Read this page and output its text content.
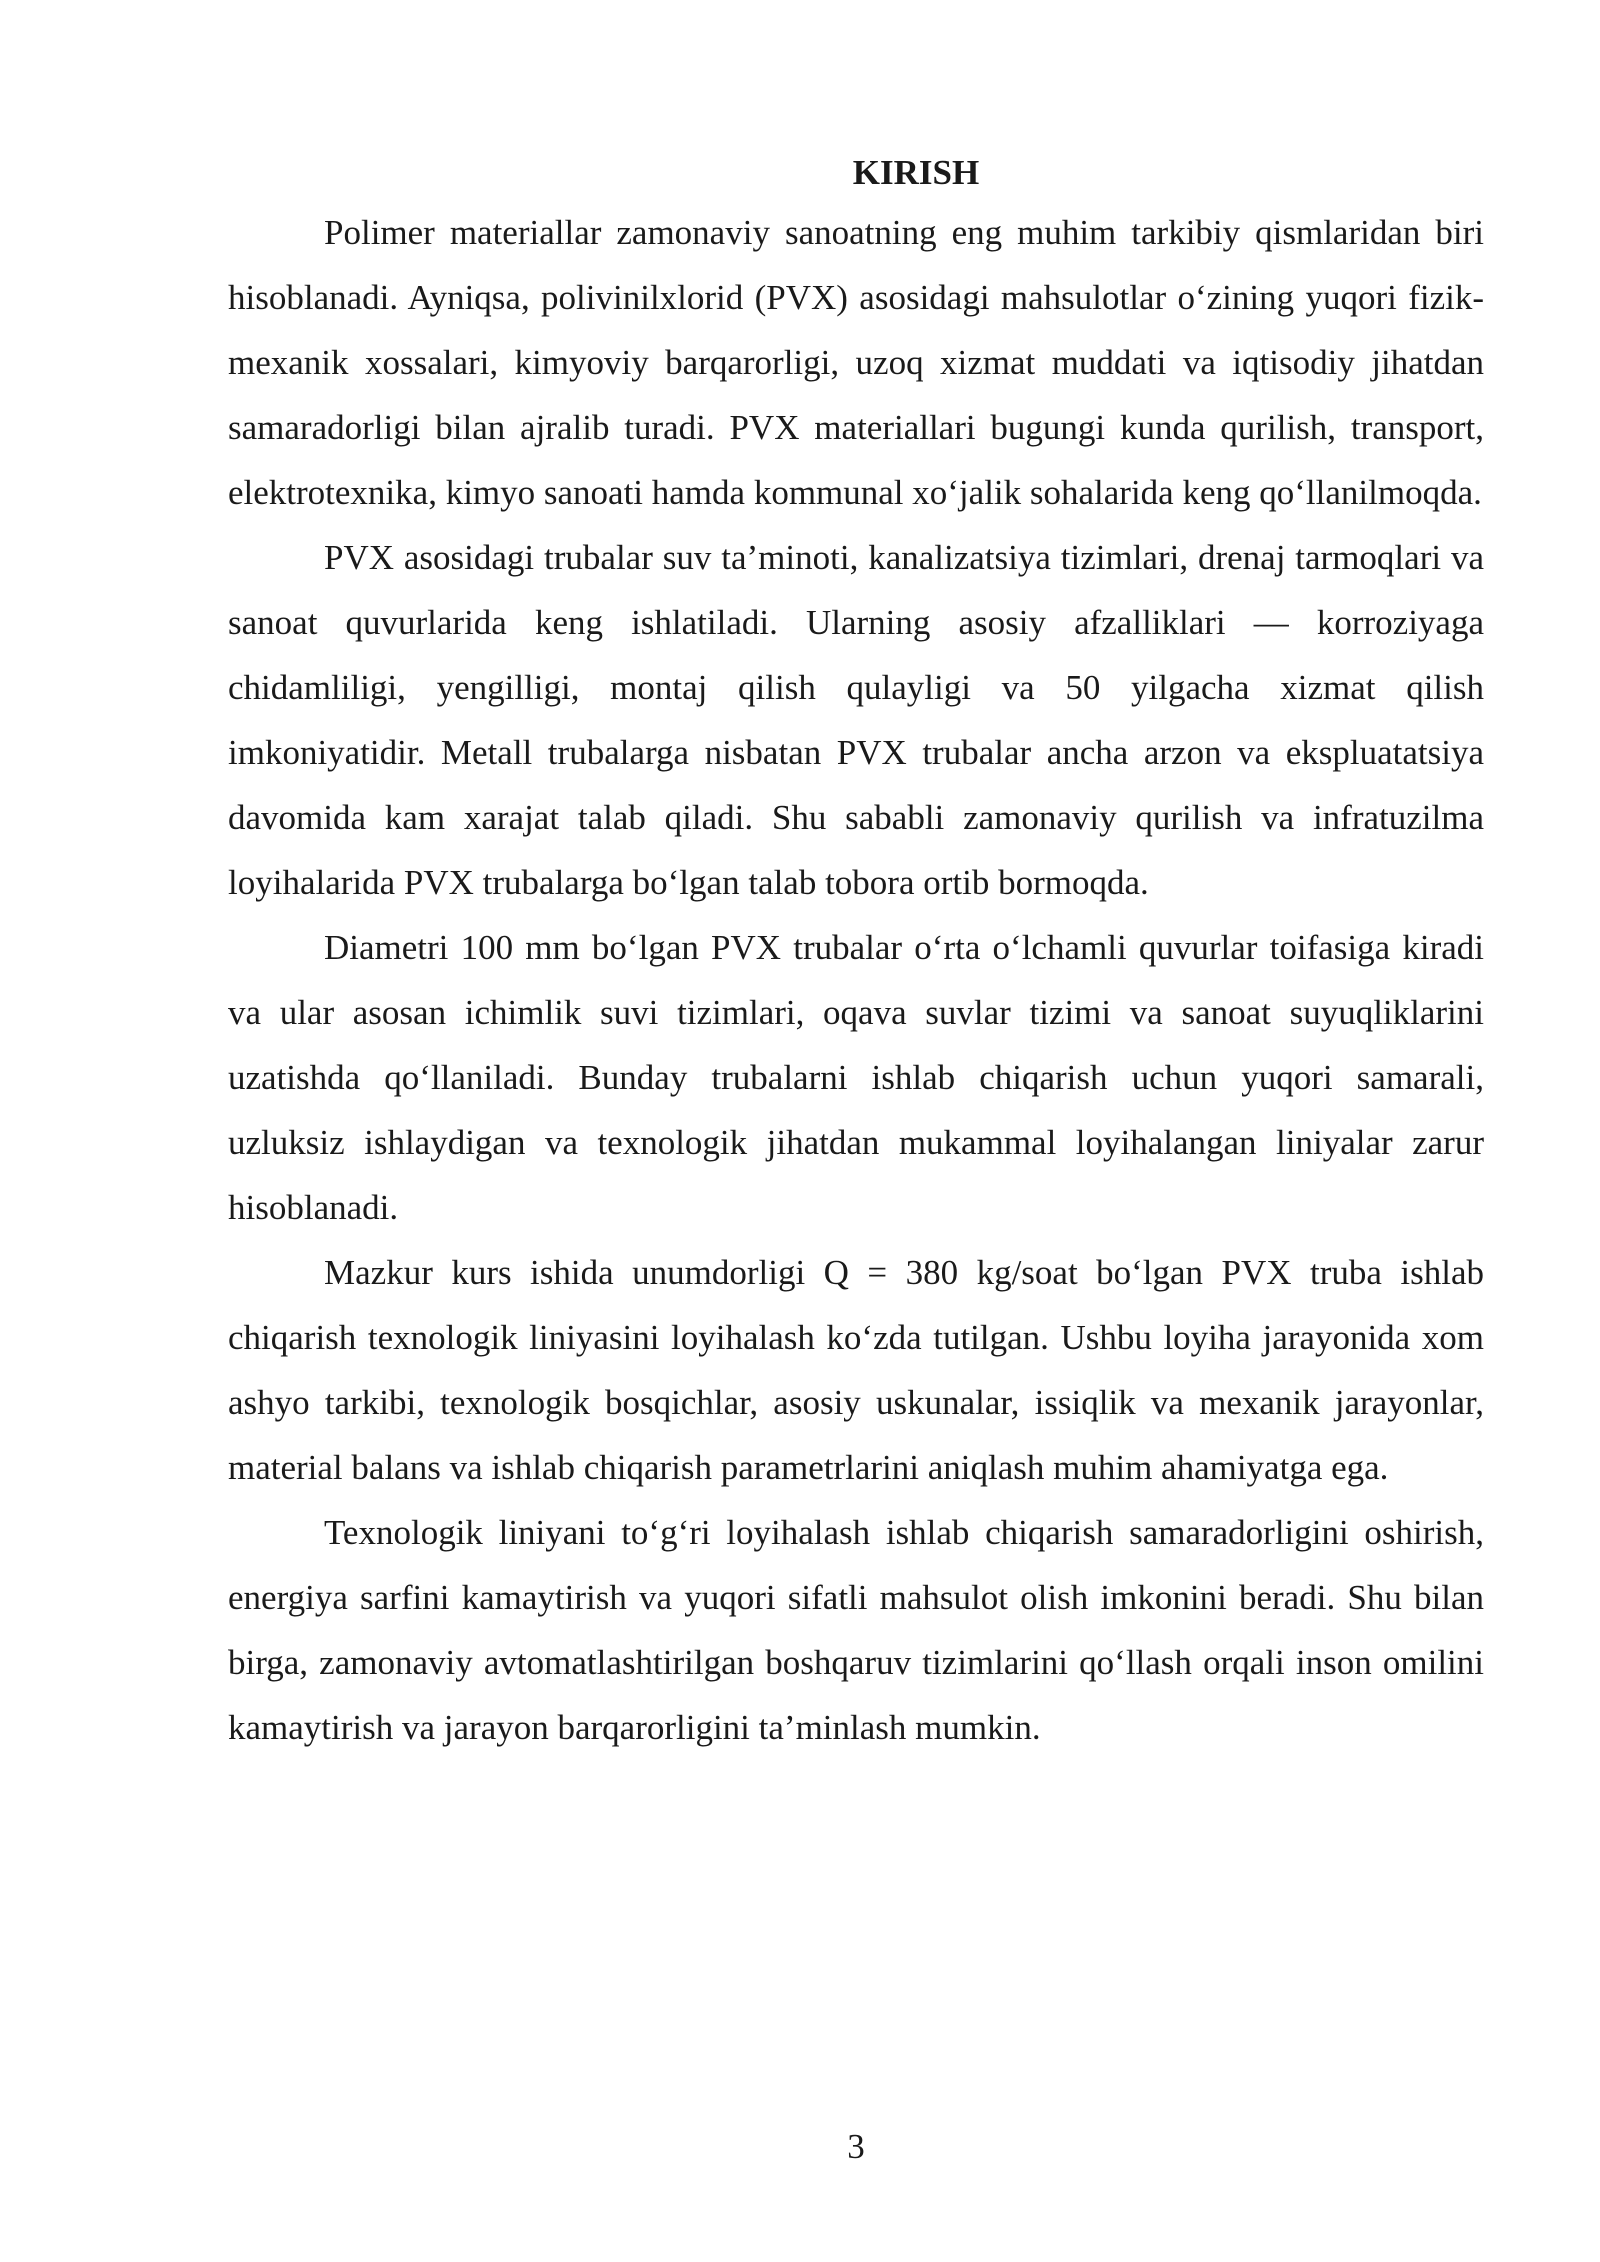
KIRISH

Polimer materiallar zamonaviy sanoatning eng muhim tarkibiy qismlaridan biri hisoblanadi. Ayniqsa, polivinilxlorid (PVX) asosidagi mahsulotlar o‘zining yuqori fizik-mexanik xossalari, kimyoviy barqarorligi, uzoq xizmat muddati va iqtisodiy jihatdan samaradorligi bilan ajralib turadi. PVX materiallari bugungi kunda qurilish, transport, elektrotexnika, kimyo sanoati hamda kommunal xo‘jalik sohalarida keng qo‘llanilmoqda.

PVX asosidagi trubalar suv ta’minoti, kanalizatsiya tizimlari, drenaj tarmoqlari va sanoat quvurlarida keng ishlatiladi. Ularning asosiy afzalliklari — korroziyaga chidamliligi, yengilligi, montaj qilish qulayligi va 50 yilgacha xizmat qilish imkoniyatidir. Metall trubalarga nisbatan PVX trubalar ancha arzon va ekspluatatsiya davomida kam xarajat talab qiladi. Shu sababli zamonaviy qurilish va infratuzilma loyihalarida PVX trubalarga bo‘lgan talab tobora ortib bormoqda.

Diametri 100 mm bo‘lgan PVX trubalar o‘rta o‘lchamli quvurlar toifasiga kiradi va ular asosan ichimlik suvi tizimlari, oqava suvlar tizimi va sanoat suyuqliklarini uzatishda qo‘llaniladi. Bunday trubalarni ishlab chiqarish uchun yuqori samarali, uzluksiz ishlaydigan va texnologik jihatdan mukammal loyihalangan liniyalar zarur hisoblanadi.

Mazkur kurs ishida unumdorligi Q = 380 kg/soat bo‘lgan PVX truba ishlab chiqarish texnologik liniyasini loyihalash ko‘zda tutilgan. Ushbu loyiha jarayonida xom ashyo tarkibi, texnologik bosqichlar, asosiy uskunalar, issiqlik va mexanik jarayonlar, material balans va ishlab chiqarish parametrlarini aniqlash muhim ahamiyatga ega.

Texnologik liniyani to‘g‘ri loyihalash ishlab chiqarish samaradorligini oshirish, energiya sarfini kamaytirish va yuqori sifatli mahsulot olish imkonini beradi. Shu bilan birga, zamonaviy avtomatlashtirilgan boshqaruv tizimlarini qo‘llash orqali inson omilini kamaytirish va jarayon barqarorligini ta’minlash mumkin.

3
